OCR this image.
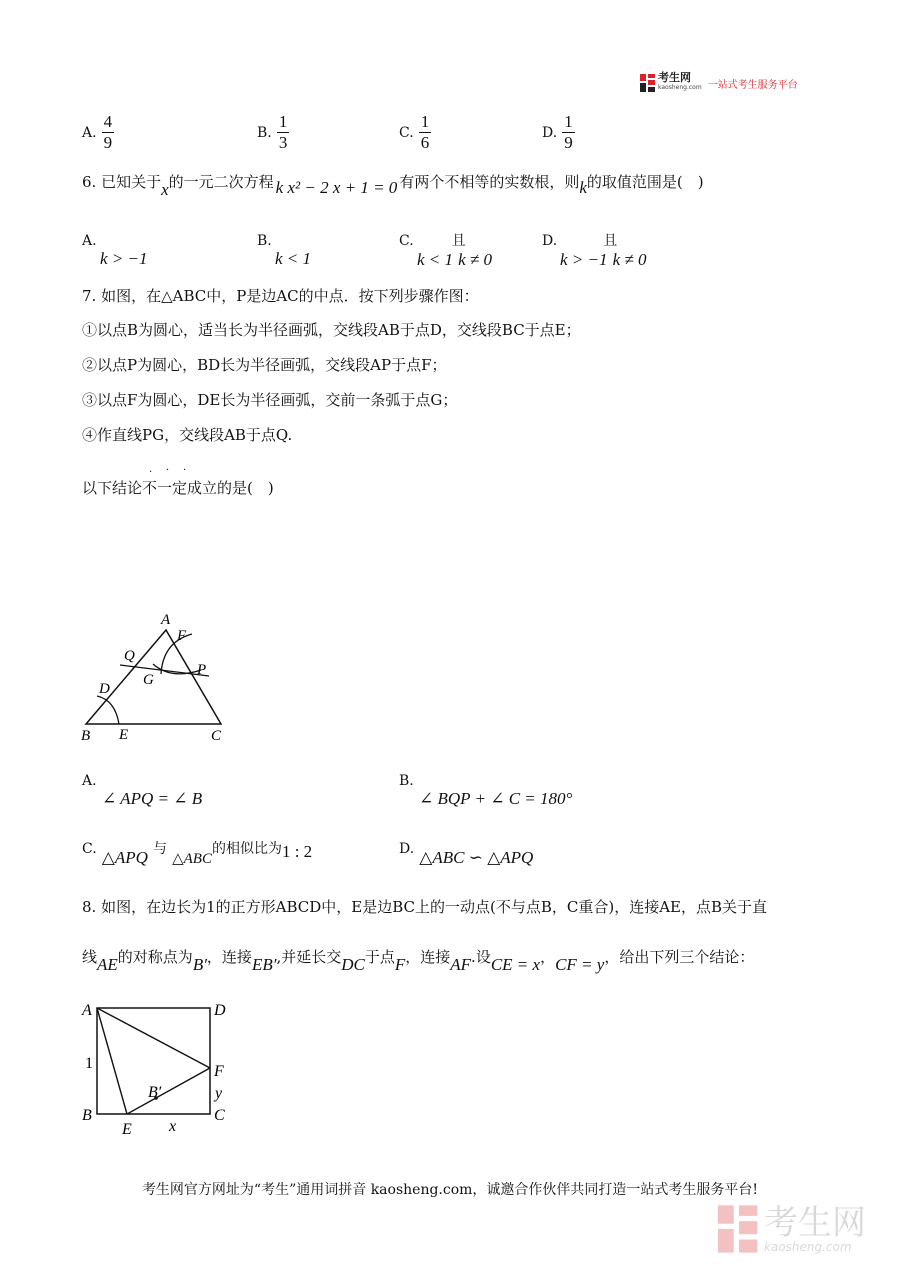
考生网
kaosheng.com 一站式考生服务平台
A. $\frac{4}{9}$	B. $\frac{1}{3}$	C. $\frac{1}{6}$	D. $\frac{1}{9}$
6. 已知关于x的一元二次方程 k x² − 2 x + 1 = 0 有两个不相等的实数根，则k的取值范围是(　)
A.
k > −1
B.
k < 1
C.	且
k < 1 k ≠ 0
D.	且
k > −1 k ≠ 0
7. 如图，在△ABC中，P是边AC的中点．按下列步骤作图：
①以点B为圆心，适当长为半径画弧，交线段AB于点D，交线段BC于点E；
②以点P为圆心，BD长为半径画弧，交线段AP于点F；
③以点F为圆心，DE长为半径画弧，交前一条弧于点G；
④作直线PG，交线段AB于点Q.
以下结论不一定成立的是(　)
· · ·
A
F
Q
P
G
D
B E	C
A.
∠ APQ = ∠ B
B.
∠ BQP + ∠ C = 180°
C. △APQ 与 △ABC的相似比为1 : 2	D. △ABC ∽ △APQ
8. 如图，在边长为1的正方形ABCD中，E是边BC上的一动点(不与点B，C重合)，连接AE，点B关于直
线AE的对称点为B′，连接EB′,并延长交DC于点F，连接AF.设CE = x，CF = y，给出下列三个结论：
A	D
1	F
B′	y
B	C
E x
考生网官方网址为“考生”通用词拼音 kaosheng.com，诚邀合作伙伴共同打造一站式考生服务平台!
考生网
kaosheng.com
